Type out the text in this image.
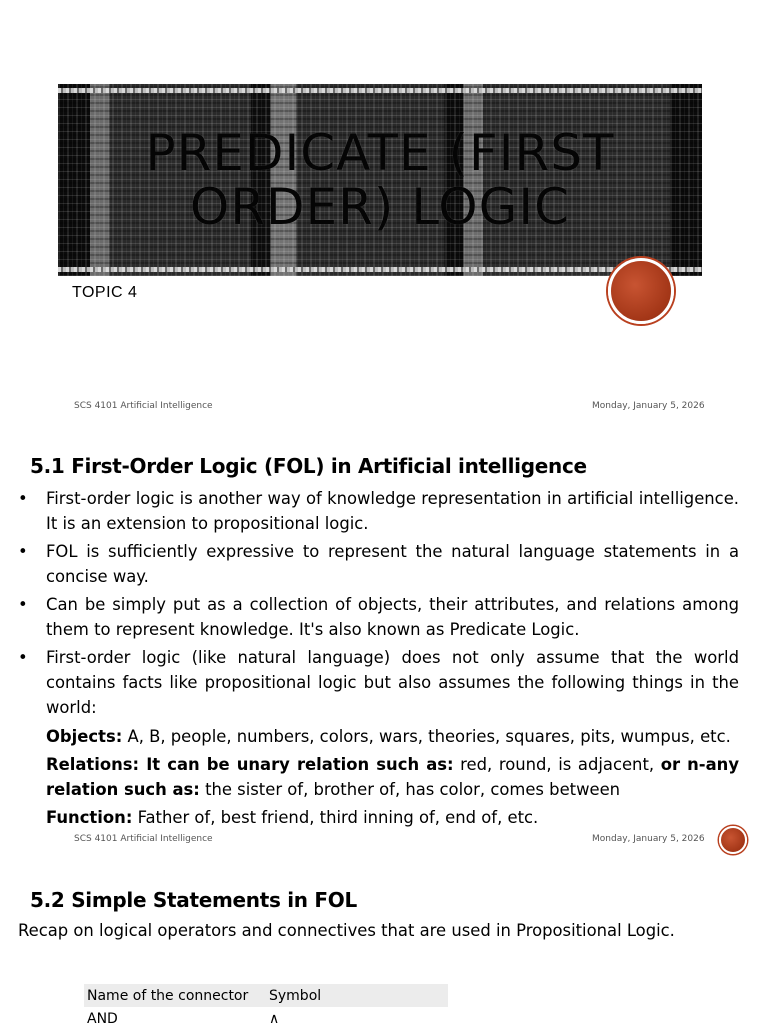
PREDICATE (FIRST
ORDER) LOGIC
TOPIC 4
SCS 4101 Artificial Intelligence	Monday, January 5, 2026
5.1 First-Order Logic (FOL) in Artificial intelligence
• First-order logic is another way of knowledge representation in artificial intelligence. It is an extension to propositional logic.
• FOL is sufficiently expressive to represent the natural language statements in a concise way.
• Can be simply put as a collection of objects, their attributes, and relations among them to represent knowledge. It's also known as Predicate Logic.
• First-order logic (like natural language) does not only assume that the world contains facts like propositional logic but also assumes the following things in the world:

Objects: A, B, people, numbers, colors, wars, theories, squares, pits, wumpus, etc.

Relations: It can be unary relation such as: red, round, is adjacent, or n-any relation such as: the sister of, brother of, has color, comes between

Function: Father of, best friend, third inning of, end of, etc.

SCS 4101 Artificial Intelligence	Monday, January 5, 2026
5.2 Simple Statements in FOL
Recap on logical operators and connectives that are used in Propositional Logic.
Name of the connector	Symbol
AND	∧
